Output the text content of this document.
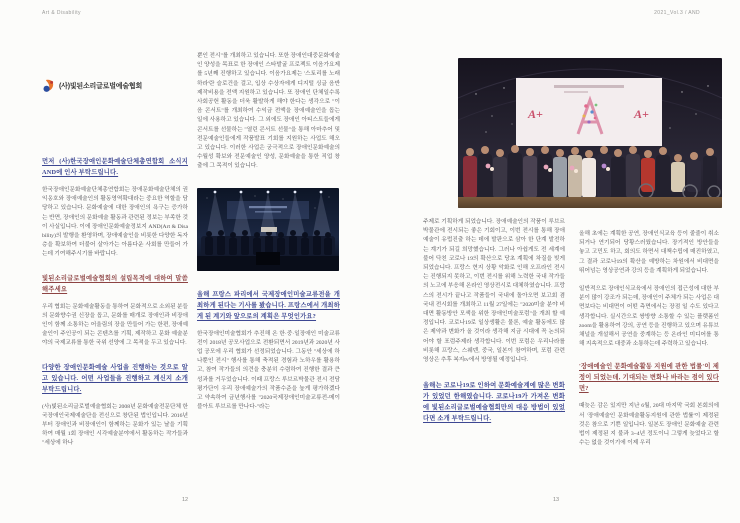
Art & Disability	2021_Vol.3 / AND
(사)빛된소리글로벌예술협회
먼저 (사)한국장애인문화예술단체총연합회 소식지 AND에 인사 부탁드립니다.

한국장애인문화예술단체총연합회는 장애문화예술단체의 권익옹호와 장애예술인의 활동영역확대라는 중요한 역할을 담당하고 있습니다. 문화예술에 대한 장애인의 욕구는 증가하는 반면, 장애인의 문화예술 활동과 관련된 정보는 부족한 것이 사실입니다. 이에 장애인문화예술정보지 AND(Art & Disability)의 발행을 환영하며, 장애예술인을 비롯한 다양한 독자층을 확보하여 더불어 살아가는 아름다운 사회를 만들어 가는데 기여해주시기를 바랍니다.

빛된소리글로벌예술협회의 설립목적에 대하여 말씀해주세요

우리 협회는 문화예술활동을 통하여 문화적으로 소외된 분들의 문화향수권 신장을 돕고, 문화를 매개로 장애인과 비장애인이 함께 소통하는 어울림의 장을 만들어 가는 한편, 장애예술인이 주인공이 되는 콘텐츠를 기획, 제작하고 문화 예술분야의 국제교류를 통한 국위 선양에 그 목적을 두고 있습니다.

다양한 장애인문화예술 사업을 진행하는 것으로 알고 있습니다. 어떤 사업들을 진행하고 계신지 소개 부탁드립니다.

(사)빛된소리글로벌예술협회는 2008년 문화예술전문단체 한국장애인국제예술단을 전신으로 창단된 법인입니다. 2016년부터 장애인과 비장애인이 함께하는 문화가 있는 날을 기획하여 매월 1회 장애인 시각예술분야에서 활동하는 작가들과 "세상에 하나

뿐인 전시"를 개최하고 있습니다. 또한 장애인대중문화예술인 양성을 목표로 한 장애인 스타발굴 프로젝트 이음가요제를 5년째 진행하고 있습니다. 이음가요제는 '스토리를 노래하라'란 슬로건을 걸고, 입상 수상자에게 디지털 싱글 음반 제작비용을 전액 지원하고 있습니다. 또 장애인 단체일수록 사회공헌 활동을 더욱 활발하게 해야 한다는 생각으로 "이음 콘서트"를 개최하여 수익금 전액을 장애예술인을 돕는 일에 사용하고 있습니다. 그 외에도 장애인 아티스트들에게 콘서트를 선물하는 "열린 콘서트 선물"을 통해 아마추어 및 전문예술인들에게 작품발표 기회를 지원하는 사업도 해오고 있습니다. 이러한 사업은 궁극적으로 장애인문화예술의 수월성 확보와 전문예술인 양성, 문화예술을 통한 직업 창출에 그 목적이 있습니다.

올해 프랑스 파리에서 국제장애인미술교류전을 개최하게 된다는 기사를 봤습니다. 프랑스에서 개최하게 된 계기와 앞으로의 계획은 무엇인가요?

한국장애인미술협회가 추진해 온 한·중·일장애인 미술교류전이 2018년 공모사업으로 전환되면서 2019년과 2020년 사업 공모에 우리 협회가 선정되었습니다. 그동안 "세상에 하나뿐인 전시" 행사를 통해 축적된 경험과 노하우를 활용하고, 참여 작가들의 의견을 충분히 수렴하여 진행한 결과 큰 성과를 거두었습니다. 이때 프랑스 루브르박물관 전시 전담 평가단이 우리 장애예술가의 작품수준을 높게 평가하겠다고 약속하여 금년행사를 "2020국제장애인미술교류전-메이블아트 루브르를 만나다-"라는

A+	A+

주제로 기획하게 되었습니다. 장애예술인의 작품이 루브르박물관에 전시되는 좋은 기회이고, 이번 전시를 통해 장애예술이 유럽진출 하는 데에 발판으로 삼아 한 단계 발전하는 계기가 되길 희망했습니다. 그러나 아쉽게도 전 세계에 불어 닥친 코로나 19의 확산으로 당초 계획에 차질을 빚게 되었습니다. 프랑스 현지 상황 악화로 인해 오프라인 전시는 진행되지 못하고, 이번 전시를 위해 노력한 국내 작가들의 노고에 부응해 온라인 영상전시로 대체하였습니다. 프랑스의 전시가 끝나고 작품들이 국내에 돌아오면 보고회 겸 국내 전시회를 개최하고 11월 27일에는 "2020미술 분야 비대면 활동방안 모색을 위한 장애인미술포럼"을 개최 할 예정입니다. 코로나19로 일상생활은 물론, 예술 활동에도 많은 제약과 변화가 올 것이라 생각해 지금 시대에 꼭 논의되어야 할 포럼주제라 생각합니다. 이번 포럼은 우리나라를 비롯해 프랑스, 스웨덴, 중국, 일본이 참여하며, 포럼 관련 영상은 추후 복지tv에서 방영될 예정입니다.

올해는 코로나19로 인하여 문화예술계에 많은 변화가 있었던 한해였습니다. 코로나19가 가져온 변화에 빛된소리글로벌예술협회만의 대응 방법이 있었다면 소개 부탁드립니다.

올해 초에는 계획한 공연, 장애인식교육 등이 줄줄이 취소되거나 연기되어 당황스러웠습니다. 장기적인 방안들을 놓고 고민도 하고, 회의도 하면서 대책수립에 매진하였고, 그 결과 코로나19의 확산을 예방하는 차원에서 비대면을 뛰어넘는 영상공연과 강의 등을 계획하게 되었습니다.

일반적으로 장애인식교육에서 장애인의 접근성에 대한 부분이 많이 강조가 되는데, 장애인이 주체가 되는 사업은 대면보다는 비대면이 어떤 측면에서는 장점 일 수도 있다고 생각합니다. 실시간으로 쌍방향 소통할 수 있는 플랫폼인 zoom을 활용하여 강의, 공연 등을 진행하고 있으며 유튜브 채널을 개설해서 공연을 중계하는 등 온라인 미디어를 통해 지속적으로 대중과 소통하는데 주력하고 있습니다.

'장애예술인 문화예술활동 지원에 관한 법률'이 제정이 되었는데, 기대되는 변화나 바라는 점이 있다면?

때늦은 감은 있지만 지난 6월, 20대 마지막 국회 본회의에서 '장애예술인 문화예술활동지원에 관한 법률'이 제정된 것은 참으로 기쁜 일입니다. 일본도 장애인 문화예술 관련법이 제정된 지 불과 3~4년 정도이니 그렇게 늦었다고 할 수는 없을 것이기에 이제 우리

12	13
